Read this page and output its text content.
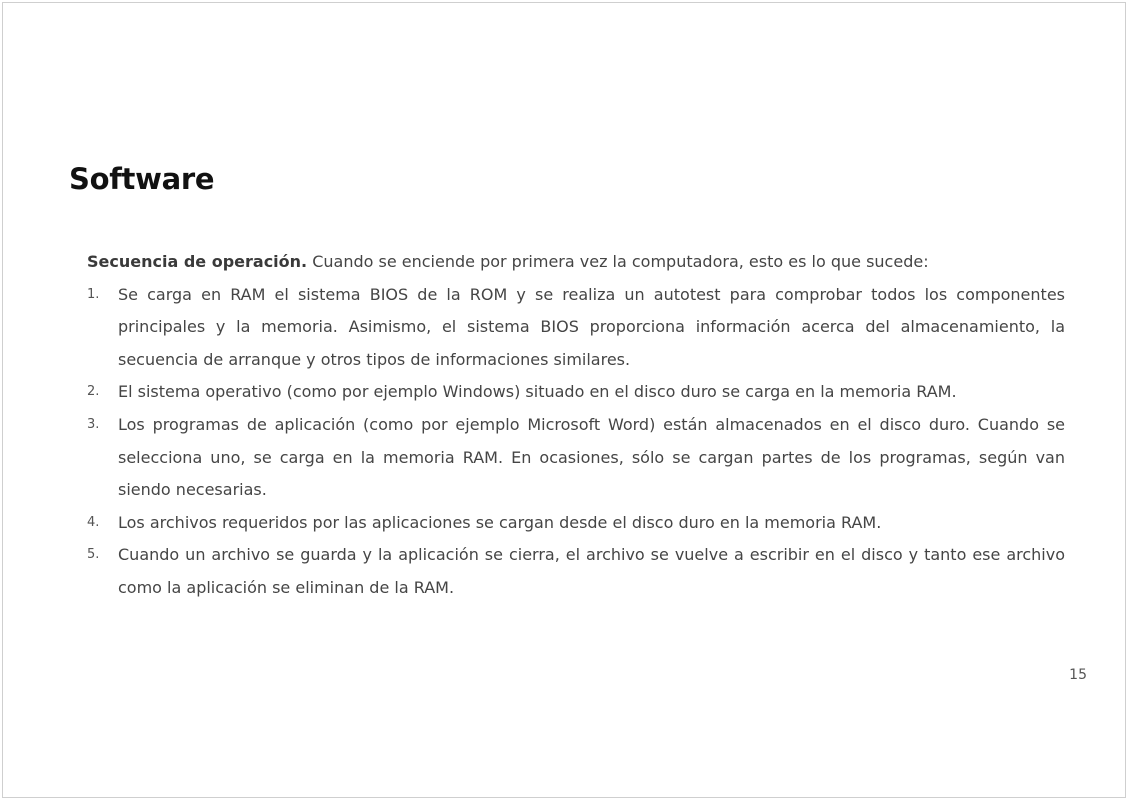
Software

Secuencia de operación. Cuando se enciende por primera vez la computadora, esto es lo que sucede:

1. Se carga en RAM el sistema BIOS de la ROM y se realiza un autotest para comprobar todos los componentes principales y la memoria. Asimismo, el sistema BIOS proporciona información acerca del almacenamiento, la secuencia de arranque y otros tipos de informaciones similares.
2. El sistema operativo (como por ejemplo Windows) situado en el disco duro se carga en la memoria RAM.
3. Los programas de aplicación (como por ejemplo Microsoft Word) están almacenados en el disco duro. Cuando se selecciona uno, se carga en la memoria RAM. En ocasiones, sólo se cargan partes de los programas, según van siendo necesarias.
4. Los archivos requeridos por las aplicaciones se cargan desde el disco duro en la memoria RAM.
5. Cuando un archivo se guarda y la aplicación se cierra, el archivo se vuelve a escribir en el disco y tanto ese archivo como la aplicación se eliminan de la RAM.
15
